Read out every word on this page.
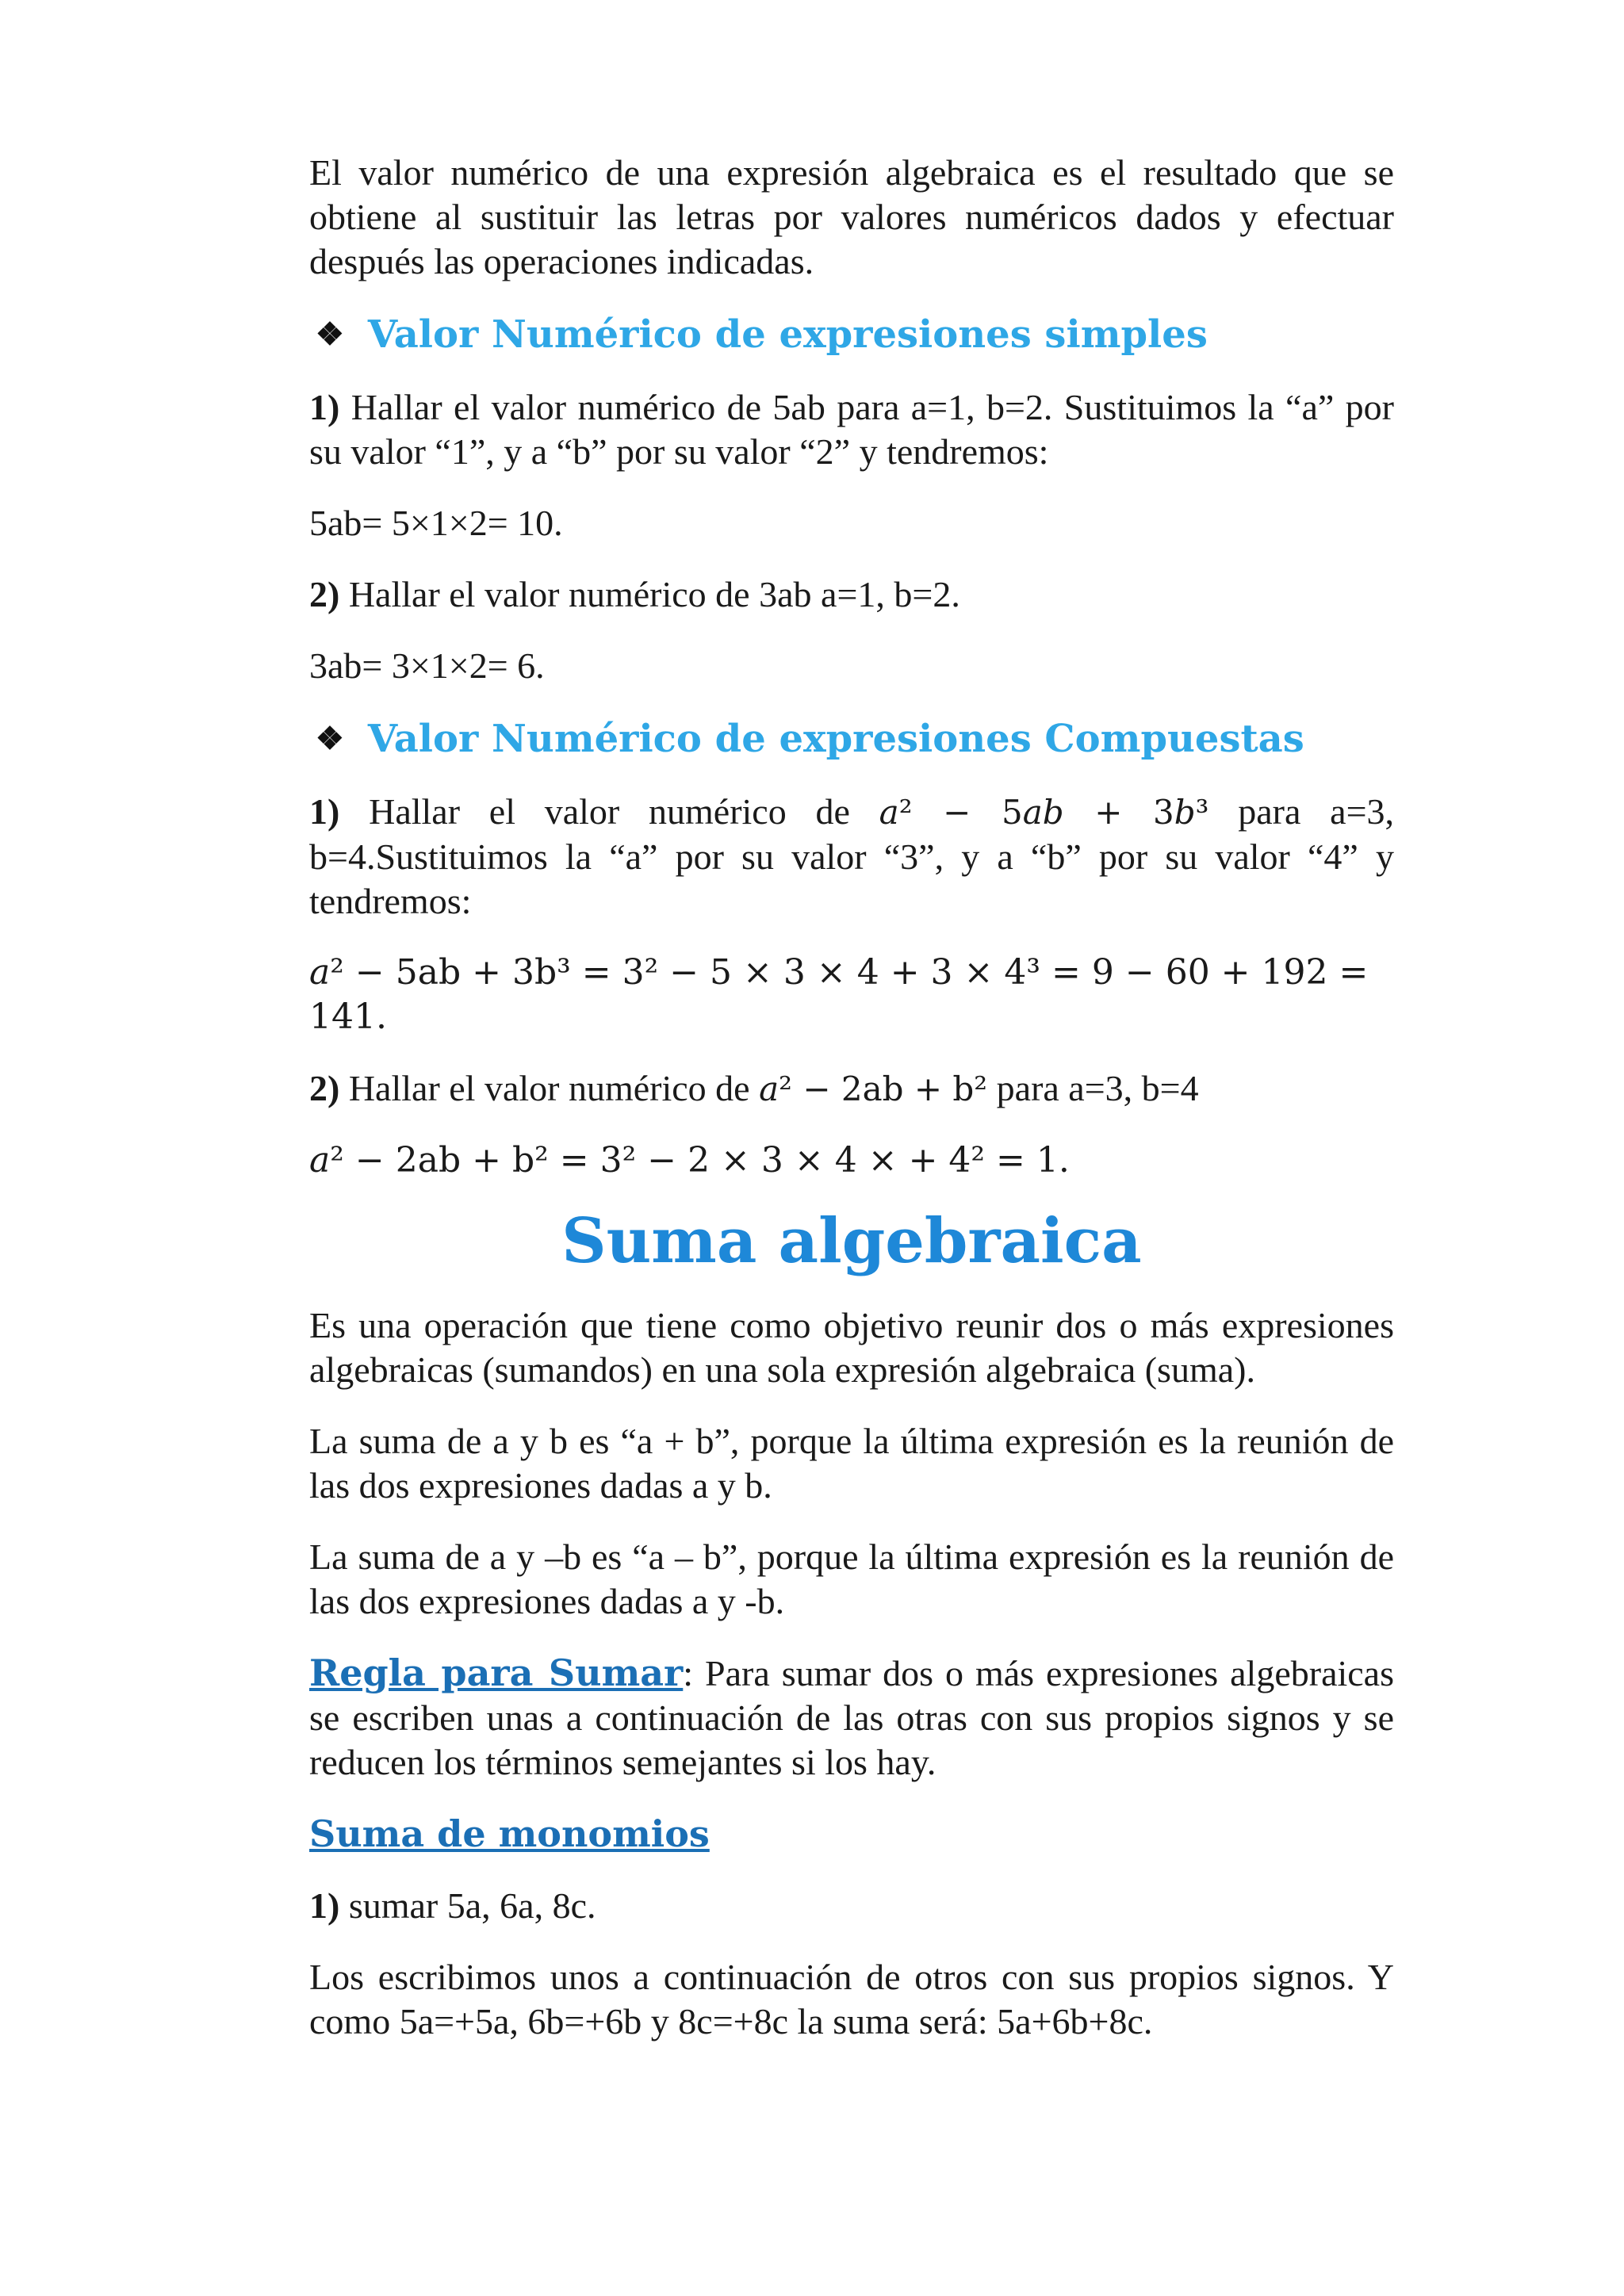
El valor numérico de una expresión algebraica es el resultado que se obtiene al sustituir las letras por valores numéricos dados y efectuar después las operaciones indicadas.

❖ Valor Numérico de expresiones simples

1) Hallar el valor numérico de 5ab para a=1, b=2. Sustituimos la “a” por su valor “1”, y a “b” por su valor “2” y tendremos:

5ab= 5×1×2= 10.

2) Hallar el valor numérico de 3ab a=1, b=2.

3ab= 3×1×2= 6.

❖ Valor Numérico de expresiones Compuestas

1) Hallar el valor numérico de a² − 5ab + 3b³ para a=3,

b=4.Sustituimos la “a” por su valor “3”, y a “b” por su valor “4” y tendremos:

a² − 5ab + 3b³ = 3² − 5 × 3 × 4 + 3 × 4³ = 9 − 60 + 192 =

141.

2) Hallar el valor numérico de a² − 2ab + b² para a=3, b=4

a² − 2ab + b² = 3² − 2 × 3 × 4 × + 4² = 1.

Suma algebraica

Es una operación que tiene como objetivo reunir dos o más expresiones algebraicas (sumandos) en una sola expresión algebraica (suma).

La suma de a y b es “a + b”, porque la última expresión es la reunión de las dos expresiones dadas a y b.

La suma de a y –b es “a – b”, porque la última expresión es la reunión de las dos expresiones dadas a y -b.

Regla para Sumar: Para sumar dos o más expresiones algebraicas se escriben unas a continuación de las otras con sus propios signos y se reducen los términos semejantes si los hay.

Suma de monomios

1) sumar 5a, 6a, 8c.

Los escribimos unos a continuación de otros con sus propios signos. Y como 5a=+5a, 6b=+6b y 8c=+8c la suma será: 5a+6b+8c.
